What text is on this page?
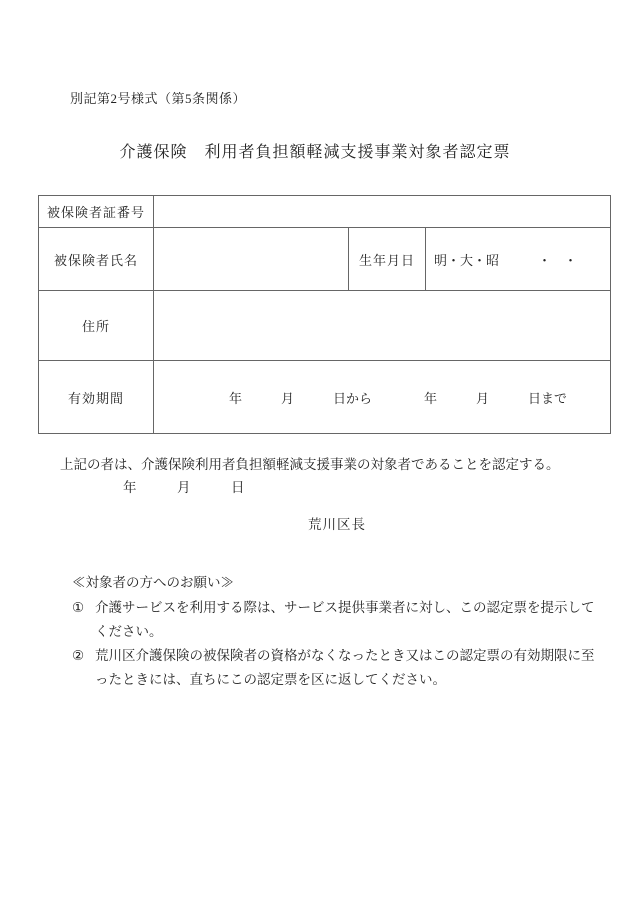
別記第2号様式（第5条関係）
介護保険　利用者負担額軽減支援事業対象者認定票
被保険者証番号			
被保険者氏名		生年月日	明・大・昭　　　・　・
住所			
有効期間	年　　　月　　　日から　　　　年　　　月　　　日まで		
上記の者は、介護保険利用者負担額軽減支援事業の対象者であることを認定する。
年　　　月　　　日
荒川区長
≪対象者の方へのお願い≫
① 介護サービスを利用する際は、サービス提供事業者に対し、この認定票を提示して
ください。
② 荒川区介護保険の被保険者の資格がなくなったとき又はこの認定票の有効期限に至
ったときには、直ちにこの認定票を区に返してください。
